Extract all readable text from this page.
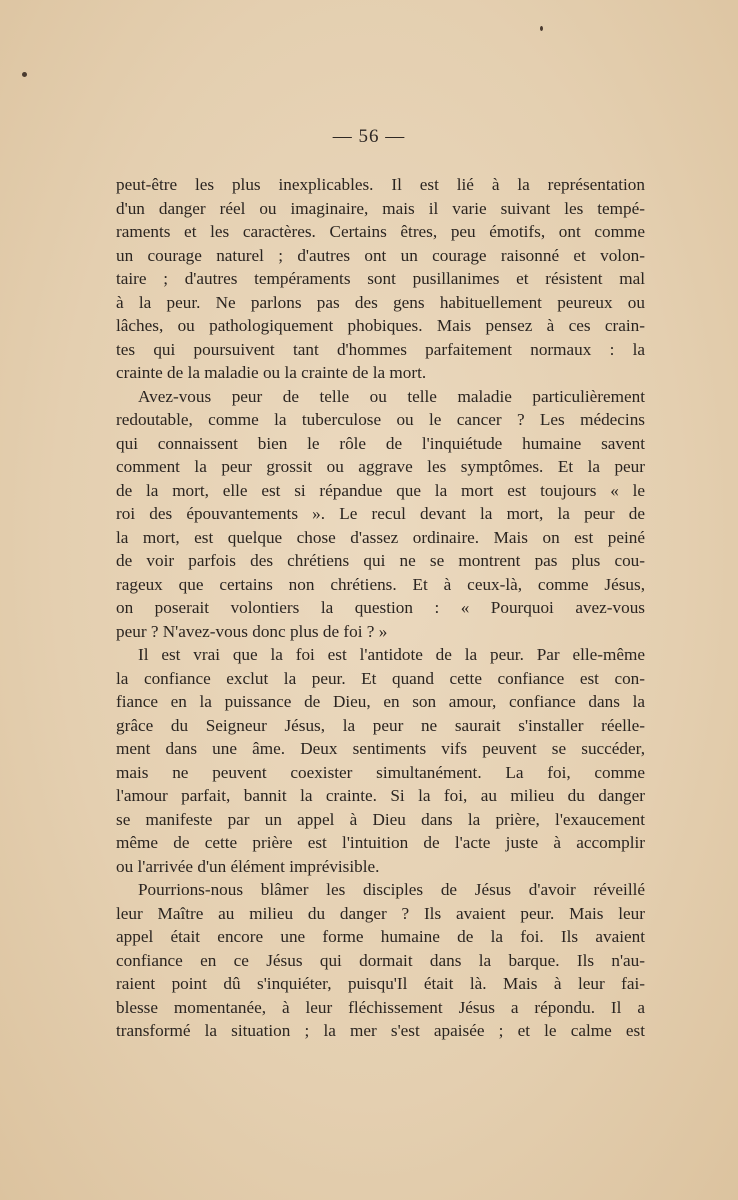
— 56 —
peut-être les plus inexplicables. Il est lié à la représentation
d'un danger réel ou imaginaire, mais il varie suivant les tempé-
raments et les caractères. Certains êtres, peu émotifs, ont comme
un courage naturel ; d'autres ont un courage raisonné et volon-
taire ; d'autres tempéraments sont pusillanimes et résistent mal
à la peur. Ne parlons pas des gens habituellement peureux ou
lâches, ou pathologiquement phobiques. Mais pensez à ces crain-
tes qui poursuivent tant d'hommes parfaitement normaux : la
crainte de la maladie ou la crainte de la mort.
Avez-vous peur de telle ou telle maladie particulièrement
redoutable, comme la tuberculose ou le cancer ? Les médecins
qui connaissent bien le rôle de l'inquiétude humaine savent
comment la peur grossit ou aggrave les symptômes. Et la peur
de la mort, elle est si répandue que la mort est toujours « le
roi des épouvantements ». Le recul devant la mort, la peur de
la mort, est quelque chose d'assez ordinaire. Mais on est peiné
de voir parfois des chrétiens qui ne se montrent pas plus cou-
rageux que certains non chrétiens. Et à ceux-là, comme Jésus,
on poserait volontiers la question : « Pourquoi avez-vous
peur ? N'avez-vous donc plus de foi ? »
Il est vrai que la foi est l'antidote de la peur. Par elle-même
la confiance exclut la peur. Et quand cette confiance est con-
fiance en la puissance de Dieu, en son amour, confiance dans la
grâce du Seigneur Jésus, la peur ne saurait s'installer réelle-
ment dans une âme. Deux sentiments vifs peuvent se succéder,
mais ne peuvent coexister simultanément. La foi, comme
l'amour parfait, bannit la crainte. Si la foi, au milieu du danger
se manifeste par un appel à Dieu dans la prière, l'exaucement
même de cette prière est l'intuition de l'acte juste à accomplir
ou l'arrivée d'un élément imprévisible.
Pourrions-nous blâmer les disciples de Jésus d'avoir réveillé
leur Maître au milieu du danger ? Ils avaient peur. Mais leur
appel était encore une forme humaine de la foi. Ils avaient
confiance en ce Jésus qui dormait dans la barque. Ils n'au-
raient point dû s'inquiéter, puisqu'Il était là. Mais à leur fai-
blesse momentanée, à leur fléchissement Jésus a répondu. Il a
transformé la situation ; la mer s'est apaisée ; et le calme est
